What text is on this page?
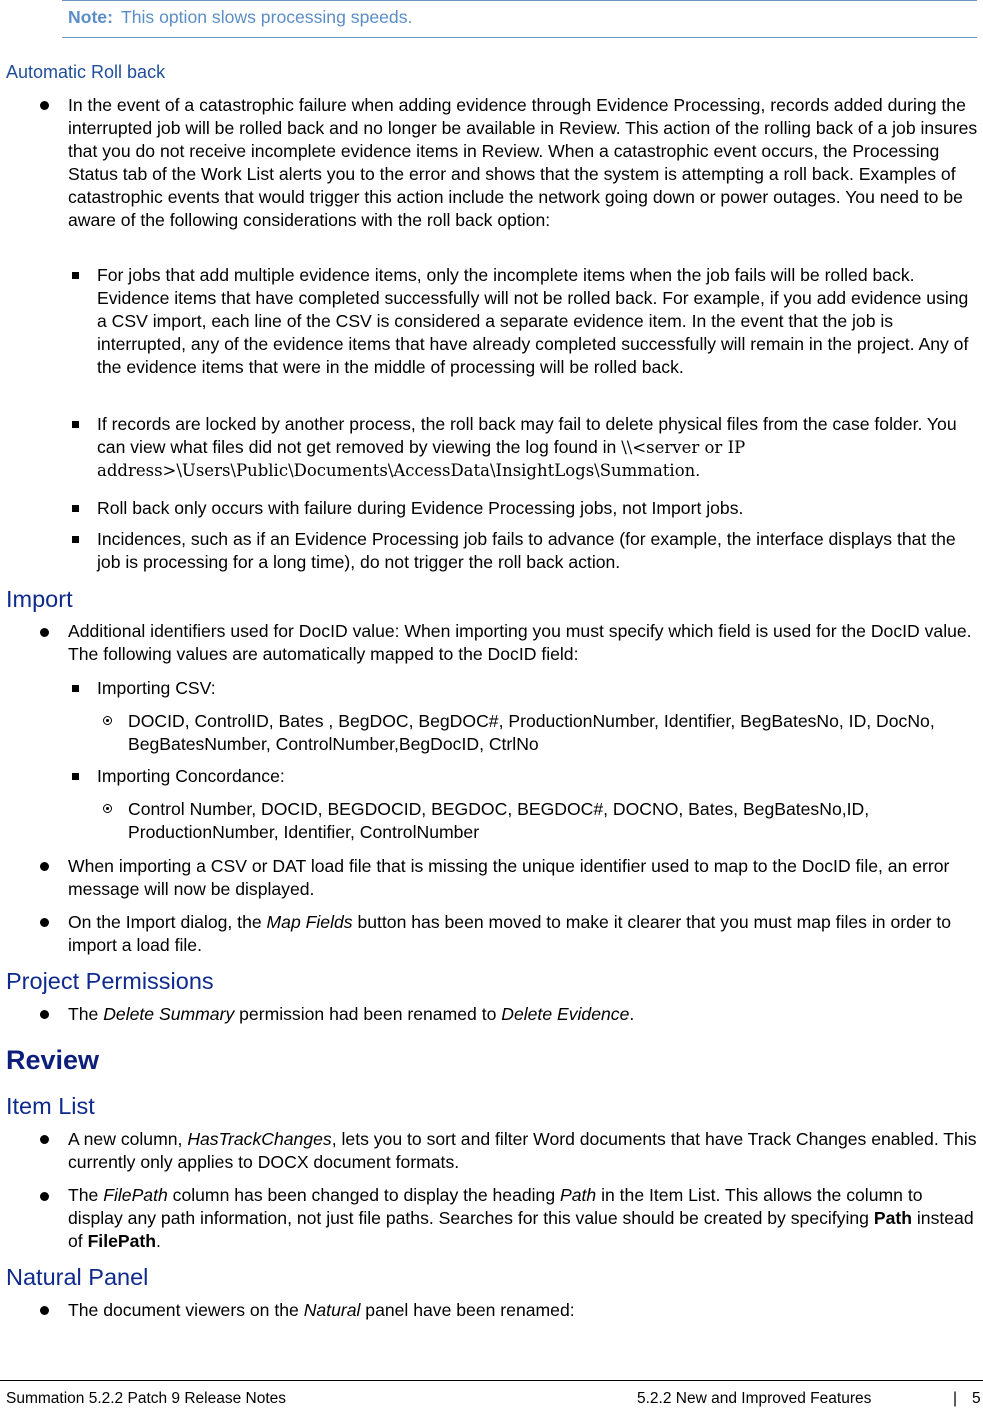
Note: This option slows processing speeds.
Automatic Roll back
In the event of a catastrophic failure when adding evidence through Evidence Processing, records added during the interrupted job will be rolled back and no longer be available in Review. This action of the rolling back of a job insures that you do not receive incomplete evidence items in Review. When a catastrophic event occurs, the Processing Status tab of the Work List alerts you to the error and shows that the system is attempting a roll back. Examples of catastrophic events that would trigger this action include the network going down or power outages. You need to be aware of the following considerations with the roll back option:
For jobs that add multiple evidence items, only the incomplete items when the job fails will be rolled back. Evidence items that have completed successfully will not be rolled back. For example, if you add evidence using a CSV import, each line of the CSV is considered a separate evidence item. In the event that the job is interrupted, any of the evidence items that have already completed successfully will remain in the project. Any of the evidence items that were in the middle of processing will be rolled back.
If records are locked by another process, the roll back may fail to delete physical files from the case folder. You can view what files did not get removed by viewing the log found in \\<server or IP address>\Users\Public\Documents\AccessData\InsightLogs\Summation.
Roll back only occurs with failure during Evidence Processing jobs, not Import jobs.
Incidences, such as if an Evidence Processing job fails to advance (for example, the interface displays that the job is processing for a long time), do not trigger the roll back action.
Import
Additional identifiers used for DocID value: When importing you must specify which field is used for the DocID value. The following values are automatically mapped to the DocID field:
Importing CSV:
DOCID, ControlID, Bates , BegDOC, BegDOC#, ProductionNumber, Identifier, BegBatesNo, ID, DocNo, BegBatesNumber, ControlNumber,BegDocID, CtrlNo
Importing Concordance:
Control Number, DOCID, BEGDOCID, BEGDOC, BEGDOC#, DOCNO, Bates, BegBatesNo,ID, ProductionNumber, Identifier, ControlNumber
When importing a CSV or DAT load file that is missing the unique identifier used to map to the DocID file, an error message will now be displayed.
On the Import dialog, the Map Fields button has been moved to make it clearer that you must map files in order to import a load file.
Project Permissions
The Delete Summary permission had been renamed to Delete Evidence.
Review
Item List
A new column, HasTrackChanges, lets you to sort and filter Word documents that have Track Changes enabled. This currently only applies to DOCX document formats.
The FilePath column has been changed to display the heading Path in the Item List. This allows the column to display any path information, not just file paths. Searches for this value should be created by specifying Path instead of FilePath.
Natural Panel
The document viewers on the Natural panel have been renamed:
Summation 5.2.2 Patch 9 Release Notes	5.2.2 New and Improved Features	| 5
